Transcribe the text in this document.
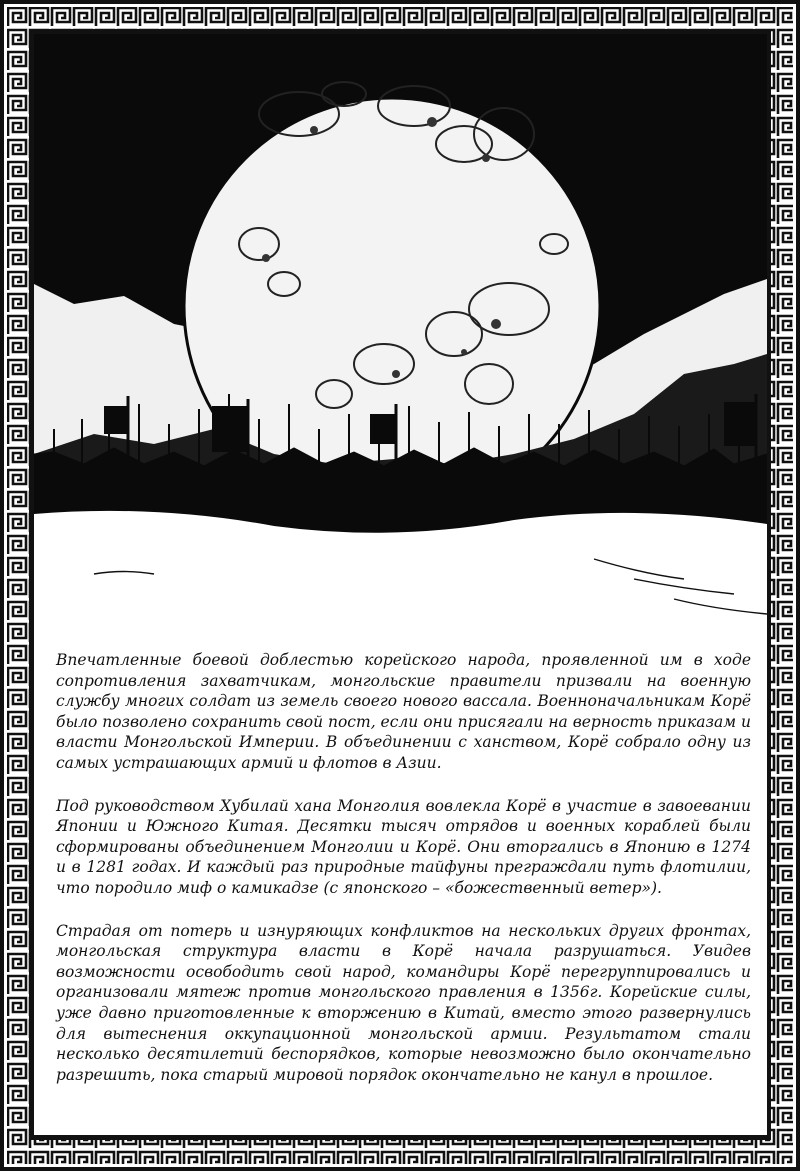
Впечатленные боевой доблестью корейского народа, проявленной им в ходе сопротивления захватчикам, монгольские правители призвали на военную службу многих солдат из земель своего нового вассала. Военноначальникам Корё было позволено сохранить свой пост, если они присягали на верность приказам и власти Монгольской Империи. В объединении с ханством, Корё собрало одну из самых устрашающих армий и флотов в Азии.

Под руководством Хубилай хана Монголия вовлекла Корё в участие в завоевании Японии и Южного Китая. Десятки тысяч отрядов и военных кораблей были сформированы объединением Монголии и Корё. Они вторгались в Японию в 1274 и в 1281 годах. И каждый раз природные тайфуны преграждали путь флотилии, что породило миф о камикадзе (с японского – «божественный ветер»).

Страдая от потерь и изнуряющих конфликтов на нескольких других фронтах, монгольская структура власти в Корё начала разрушаться. Увидев возможности освободить свой народ, командиры Корё перегруппировались и организовали мятеж против монгольского правления в 1356г. Корейские силы, уже давно приготовленные к вторжению в Китай, вместо этого развернулись для вытеснения оккупационной монгольской армии. Результатом стали несколько десятилетий беспорядков, которые невозможно было окончательно разрешить, пока старый мировой порядок окончательно не канул в прошлое.
